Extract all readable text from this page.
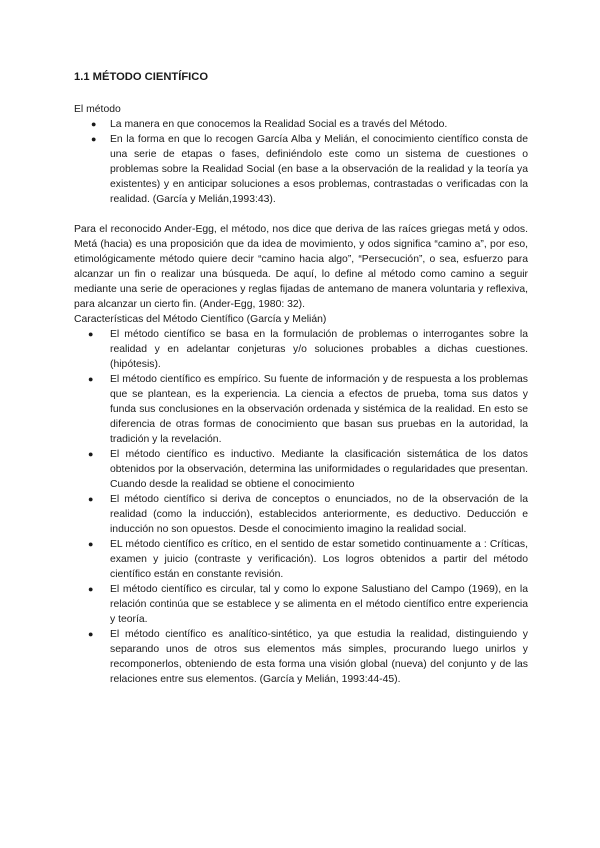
1.1 MÉTODO CIENTÍFICO

El método

● La manera en que conocemos la Realidad Social es a través del Método.
● En la forma en que lo recogen García Alba y Melián, el conocimiento científico consta de una serie de etapas o fases, definiéndolo este como un sistema de cuestiones o problemas sobre la Realidad Social (en base a la observación de la realidad y la teoría ya existentes) y en anticipar soluciones a esos problemas, contrastadas o verificadas con la realidad. (García y Melián,1993:43).

Para el reconocido Ander-Egg, el método, nos dice que deriva de las raíces griegas metá y odos. Metá (hacia) es una proposición que da idea de movimiento, y odos significa “camino a”, por eso, etimológicamente método quiere decir “camino hacia algo”, “Persecución”, o sea, esfuerzo para alcanzar un fin o realizar una búsqueda. De aquí, lo define al método como camino a seguir mediante una serie de operaciones y reglas fijadas de antemano de manera voluntaria y reflexiva, para alcanzar un cierto fin. (Ander-Egg, 1980: 32).

Características del Método Científico (García y Melián)

● El método científico se basa en la formulación de problemas o interrogantes sobre la realidad y en adelantar conjeturas y/o soluciones probables a dichas cuestiones. (hipótesis).
● El método científico es empírico. Su fuente de información y de respuesta a los problemas que se plantean, es la experiencia. La ciencia a efectos de prueba, toma sus datos y funda sus conclusiones en la observación ordenada y sistémica de la realidad. En esto se diferencia de otras formas de conocimiento que basan sus pruebas en la autoridad, la tradición y la revelación.
● El método científico es inductivo. Mediante la clasificación sistemática de los datos obtenidos por la observación, determina las uniformidades o regularidades que presentan. Cuando desde la realidad se obtiene el conocimiento
● El método científico si deriva de conceptos o enunciados, no de la observación de la realidad (como la inducción), establecidos anteriormente, es deductivo. Deducción e inducción no son opuestos. Desde el conocimiento imagino la realidad social.
● EL método científico es crítico, en el sentido de estar sometido continuamente a : Críticas, examen y juicio (contraste y verificación). Los logros obtenidos a partir del método científico están en constante revisión.
● El método científico es circular, tal y como lo expone Salustiano del Campo (1969), en la relación continúa que se establece y se alimenta en el método científico entre experiencia y teoría.
● El método científico es analítico-sintético, ya que estudia la realidad, distinguiendo y separando unos de otros sus elementos más simples, procurando luego unirlos y recomponerlos, obteniendo de esta forma una visión global (nueva) del conjunto y de las relaciones entre sus elementos. (García y Melián, 1993:44-45).
